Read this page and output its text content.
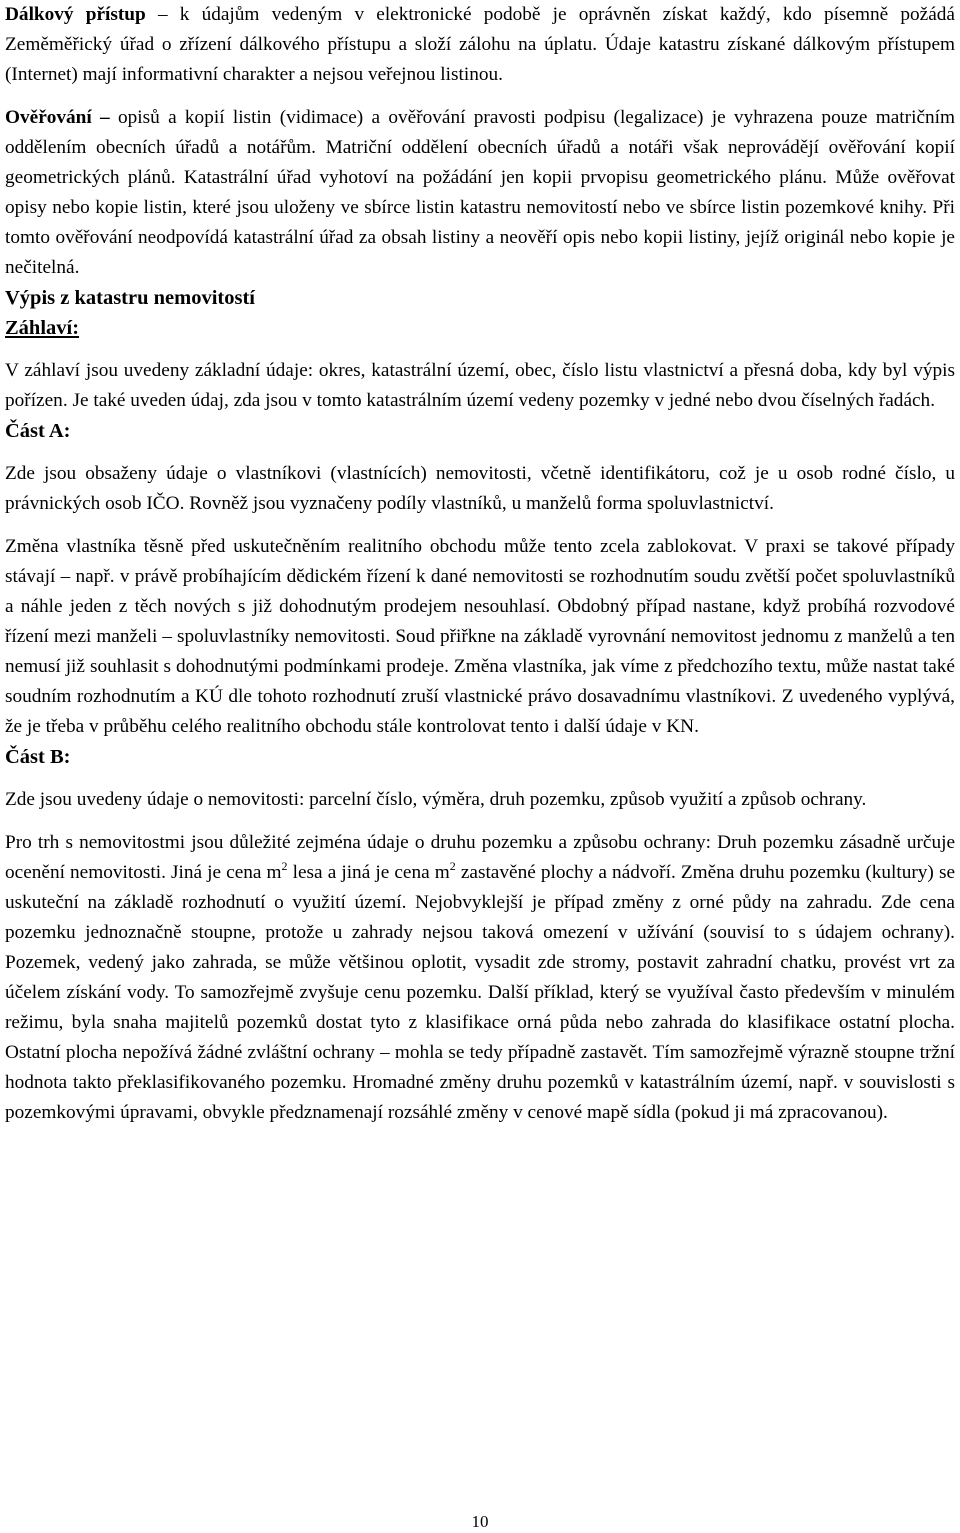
Dálkový přístup – k údajům vedeným v elektronické podobě je oprávněn získat každý, kdo písemně požádá Zeměměřický úřad o zřízení dálkového přístupu a složí zálohu na úplatu. Údaje katastru získané dálkovým přístupem (Internet) mají informativní charakter a nejsou veřejnou listinou.

Ověřování – opisů a kopií listin (vidimace) a ověřování pravosti podpisu (legalizace) je vyhrazena pouze matričním oddělením obecních úřadů a notářům. Matriční oddělení obecních úřadů a notáři však neprovádějí ověřování kopií geometrických plánů. Katastrální úřad vyhotoví na požádání jen kopii prvopisu geometrického plánu. Může ověřovat opisy nebo kopie listin, které jsou uloženy ve sbírce listin katastru nemovitostí nebo ve sbírce listin pozemkové knihy. Při tomto ověřování neodpovídá katastrální úřad za obsah listiny a neověří opis nebo kopii listiny, jejíž originál nebo kopie je nečitelná.

Výpis z katastru nemovitostí

Záhlaví:

V záhlaví jsou uvedeny základní údaje: okres, katastrální území, obec, číslo listu vlastnictví a přesná doba, kdy byl výpis pořízen. Je také uveden údaj, zda jsou v tomto katastrálním území vedeny pozemky v jedné nebo dvou číselných řadách.

Část A:

Zde jsou obsaženy údaje o vlastníkovi (vlastnících) nemovitosti, včetně identifikátoru, což je u osob rodné číslo, u právnických osob IČO. Rovněž jsou vyznačeny podíly vlastníků, u manželů forma spoluvlastnictví.

Změna vlastníka těsně před uskutečněním realitního obchodu může tento zcela zablokovat. V praxi se takové případy stávají – např. v právě probíhajícím dědickém řízení k dané nemovitosti se rozhodnutím soudu zvětší počet spoluvlastníků a náhle jeden z těch nových s již dohodnutým prodejem nesouhlasí. Obdobný případ nastane, když probíhá rozvodové řízení mezi manželi – spoluvlastníky nemovitosti. Soud přiřkne na základě vyrovnání nemovitost jednomu z manželů a ten nemusí již souhlasit s dohodnutými podmínkami prodeje. Změna vlastníka, jak víme z předchozího textu, může nastat také soudním rozhodnutím a KÚ dle tohoto rozhodnutí zruší vlastnické právo dosavadnímu vlastníkovi. Z uvedeného vyplývá, že je třeba v průběhu celého realitního obchodu stále kontrolovat tento i další údaje v KN.

Část B:

Zde jsou uvedeny údaje o nemovitosti: parcelní číslo, výměra, druh pozemku, způsob využití a způsob ochrany.

Pro trh s nemovitostmi jsou důležité zejména údaje o druhu pozemku a způsobu ochrany: Druh pozemku zásadně určuje ocenění nemovitosti. Jiná je cena $m^2$ lesa a jiná je cena $m^2$ zastavěné plochy a nádvoří. Změna druhu pozemku (kultury) se uskuteční na základě rozhodnutí o využití území. Nejobvyklejší je případ změny z orné půdy na zahradu. Zde cena pozemku jednoznačně stoupne, protože u zahrady nejsou taková omezení v užívání (souvisí to s údajem ochrany). Pozemek, vedený jako zahrada, se může většinou oplotit, vysadit zde stromy, postavit zahradní chatku, provést vrt za účelem získání vody. To samozřejmě zvyšuje cenu pozemku. Další příklad, který se využíval často především v minulém režimu, byla snaha majitelů pozemků dostat tyto z klasifikace orná půda nebo zahrada do klasifikace ostatní plocha. Ostatní plocha nepožívá žádné zvláštní ochrany – mohla se tedy případně zastavět. Tím samozřejmě výrazně stoupne tržní hodnota takto překlasifikovaného pozemku. Hromadné změny druhu pozemků v katastrálním území, např. v souvislosti s pozemkovými úpravami, obvykle předznamenají rozsáhlé změny v cenové mapě sídla (pokud ji má zpracovanou).

10
